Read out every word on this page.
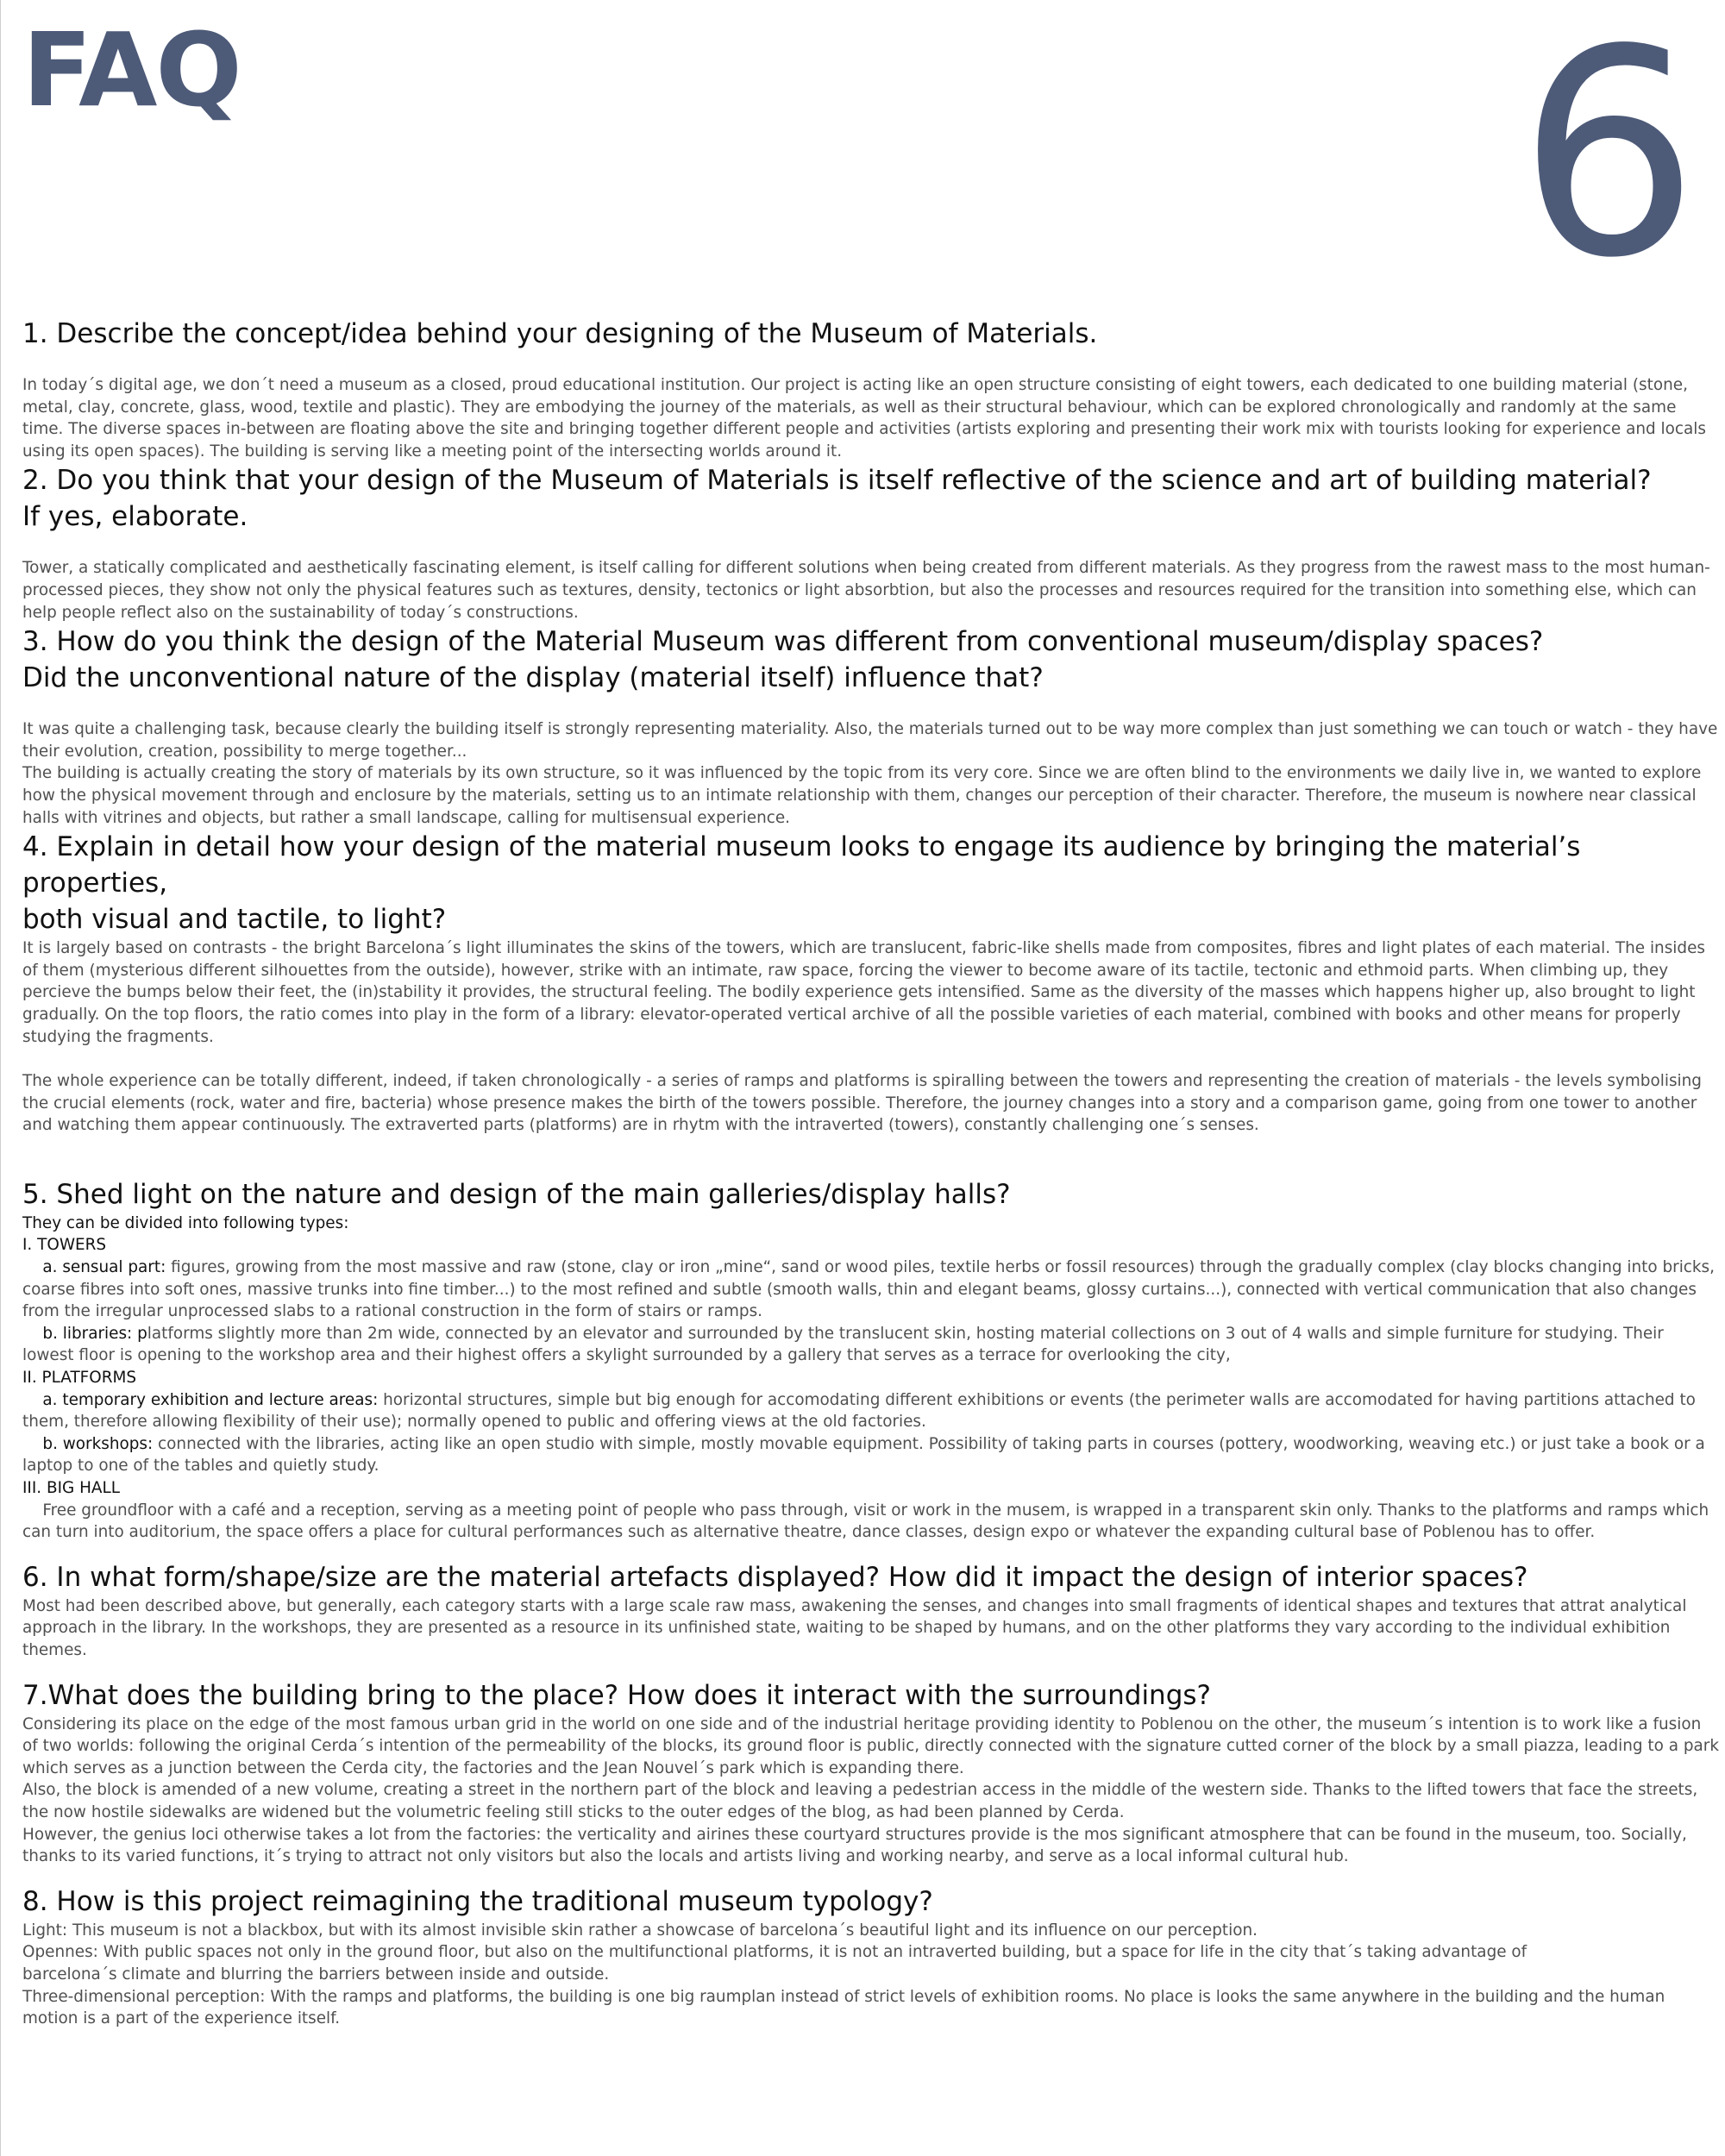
FAQ	6
1. Describe the concept/idea behind your designing of the Museum of Materials.

In today´s digital age, we don´t need a museum as a closed, proud educational institution. Our project is acting like an open structure consisting of eight towers, each dedicated to one building material (stone, metal, clay, concrete, glass, wood, textile and plastic). They are embodying the journey of the materials, as well as their structural behaviour, which can be explored chronologically and randomly at the same time. The diverse spaces in-between are floating above the site and bringing together different people and activities (artists exploring and presenting their work mix with tourists looking for experience and locals using its open spaces). The building is serving like a meeting point of the intersecting worlds around it.

2. Do you think that your design of the Museum of Materials is itself reflective of the science and art of building material?
If yes, elaborate.

Tower, a statically complicated and aesthetically fascinating element, is itself calling for different solutions when being created from different materials. As they progress from the rawest mass to the most human-processed pieces, they show not only the physical features such as textures, density, tectonics or light absorbtion, but also the processes and resources required for the transition into something else, which can help people reflect also on the sustainability of today´s constructions.

3. How do you think the design of the Material Museum was different from conventional museum/display spaces?
Did the unconventional nature of the display (material itself) influence that?

It was quite a challenging task, because clearly the building itself is strongly representing materiality. Also, the materials turned out to be way more complex than just something we can touch or watch - they have their evolution, creation, possibility to merge together...

The building is actually creating the story of materials by its own structure, so it was influenced by the topic from its very core. Since we are often blind to the environments we daily live in, we wanted to explore how the physical movement through and enclosure by the materials, setting us to an intimate relationship with them, changes our perception of their character. Therefore, the museum is nowhere near classical halls with vitrines and objects, but rather a small landscape, calling for multisensual experience.

4. Explain in detail how your design of the material museum looks to engage its audience by bringing the material’s properties,
both visual and tactile, to light?

It is largely based on contrasts - the bright Barcelona´s light illuminates the skins of the towers, which are translucent, fabric-like shells made from composites, fibres and light plates of each material. The insides of them (mysterious different silhouettes from the outside), however, strike with an intimate, raw space, forcing the viewer to become aware of its tactile, tectonic and ethmoid parts. When climbing up, they percieve the bumps below their feet, the (in)stability it provides, the structural feeling. The bodily experience gets intensified. Same as the diversity of the masses which happens higher up, also brought to light gradually. On the top floors, the ratio comes into play in the form of a library: elevator-operated vertical archive of all the possible varieties of each material, combined with books and other means for properly studying the fragments.

The whole experience can be totally different, indeed, if taken chronologically - a series of ramps and platforms is spiralling between the towers and representing the creation of materials - the levels symbolising the crucial elements (rock, water and fire, bacteria) whose presence makes the birth of the towers possible. Therefore, the journey changes into a story and a comparison game, going from one tower to another and watching them appear continuously. The extraverted parts (platforms) are in rhytm with the intraverted (towers), constantly challenging one´s senses.

5. Shed light on the nature and design of the main galleries/display halls?

They can be divided into following types:

I. TOWERS

a. sensual part: figures, growing from the most massive and raw (stone, clay or iron „mine“, sand or wood piles, textile herbs or fossil resources) through the gradually complex (clay blocks changing into bricks, coarse fibres into soft ones, massive trunks into fine timber...) to the most refined and subtle (smooth walls, thin and elegant beams, glossy curtains...), connected with vertical communication that also changes from the irregular unprocessed slabs to a rational construction in the form of stairs or ramps.

b. libraries: platforms slightly more than 2m wide, connected by an elevator and surrounded by the translucent skin, hosting material collections on 3 out of 4 walls and simple furniture for studying. Their lowest floor is opening to the workshop area and their highest offers a skylight surrounded by a gallery that serves as a terrace for overlooking the city,

II. PLATFORMS

a. temporary exhibition and lecture areas: horizontal structures, simple but big enough for accomodating different exhibitions or events (the perimeter walls are accomodated for having partitions attached to them, therefore allowing flexibility of their use); normally opened to public and offering views at the old factories.

b. workshops: connected with the libraries, acting like an open studio with simple, mostly movable equipment. Possibility of taking parts in courses (pottery, woodworking, weaving etc.) or just take a book or a laptop to one of the tables and quietly study.

III. BIG HALL

Free groundfloor with a café and a reception, serving as a meeting point of people who pass through, visit or work in the musem, is wrapped in a transparent skin only. Thanks to the platforms and ramps which can turn into auditorium, the space offers a place for cultural performances such as alternative theatre, dance classes, design expo or whatever the expanding cultural base of Poblenou has to offer.

6. In what form/shape/size are the material artefacts displayed? How did it impact the design of interior spaces?

Most had been described above, but generally, each category starts with a large scale raw mass, awakening the senses, and changes into small fragments of identical shapes and textures that attrat analytical approach in the library. In the workshops, they are presented as a resource in its unfinished state, waiting to be shaped by humans, and on the other platforms they vary according to the individual exhibition themes.

7.What does the building bring to the place? How does it interact with the surroundings?

Considering its place on the edge of the most famous urban grid in the world on one side and of the industrial heritage providing identity to Poblenou on the other, the museum´s intention is to work like a fusion of two worlds: following the original Cerda´s intention of the permeability of the blocks, its ground floor is public, directly connected with the signature cutted corner of the block by a small piazza, leading to a park which serves as a junction between the Cerda city, the factories and the Jean Nouvel´s park which is expanding there.

Also, the block is amended of a new volume, creating a street in the northern part of the block and leaving a pedestrian access in the middle of the western side. Thanks to the lifted towers that face the streets, the now hostile sidewalks are widened but the volumetric feeling still sticks to the outer edges of the blog, as had been planned by Cerda.

However, the genius loci otherwise takes a lot from the factories: the verticality and airines these courtyard structures provide is the mos significant atmosphere that can be found in the museum, too. Socially, thanks to its varied functions, it´s trying to attract not only visitors but also the locals and artists living and working nearby, and serve as a local informal cultural hub.

8. How is this project reimagining the traditional museum typology?

Light: This museum is not a blackbox, but with its almost invisible skin rather a showcase of barcelona´s beautiful light and its influence on our perception.

Opennes: With public spaces not only in the ground floor, but also on the multifunctional platforms, it is not an intraverted building, but a space for life in the city that´s taking advantage of

barcelona´s climate and blurring the barriers between inside and outside.

Three-dimensional perception: With the ramps and platforms, the building is one big raumplan instead of strict levels of exhibition rooms. No place is looks the same anywhere in the building and the human motion is a part of the experience itself.
